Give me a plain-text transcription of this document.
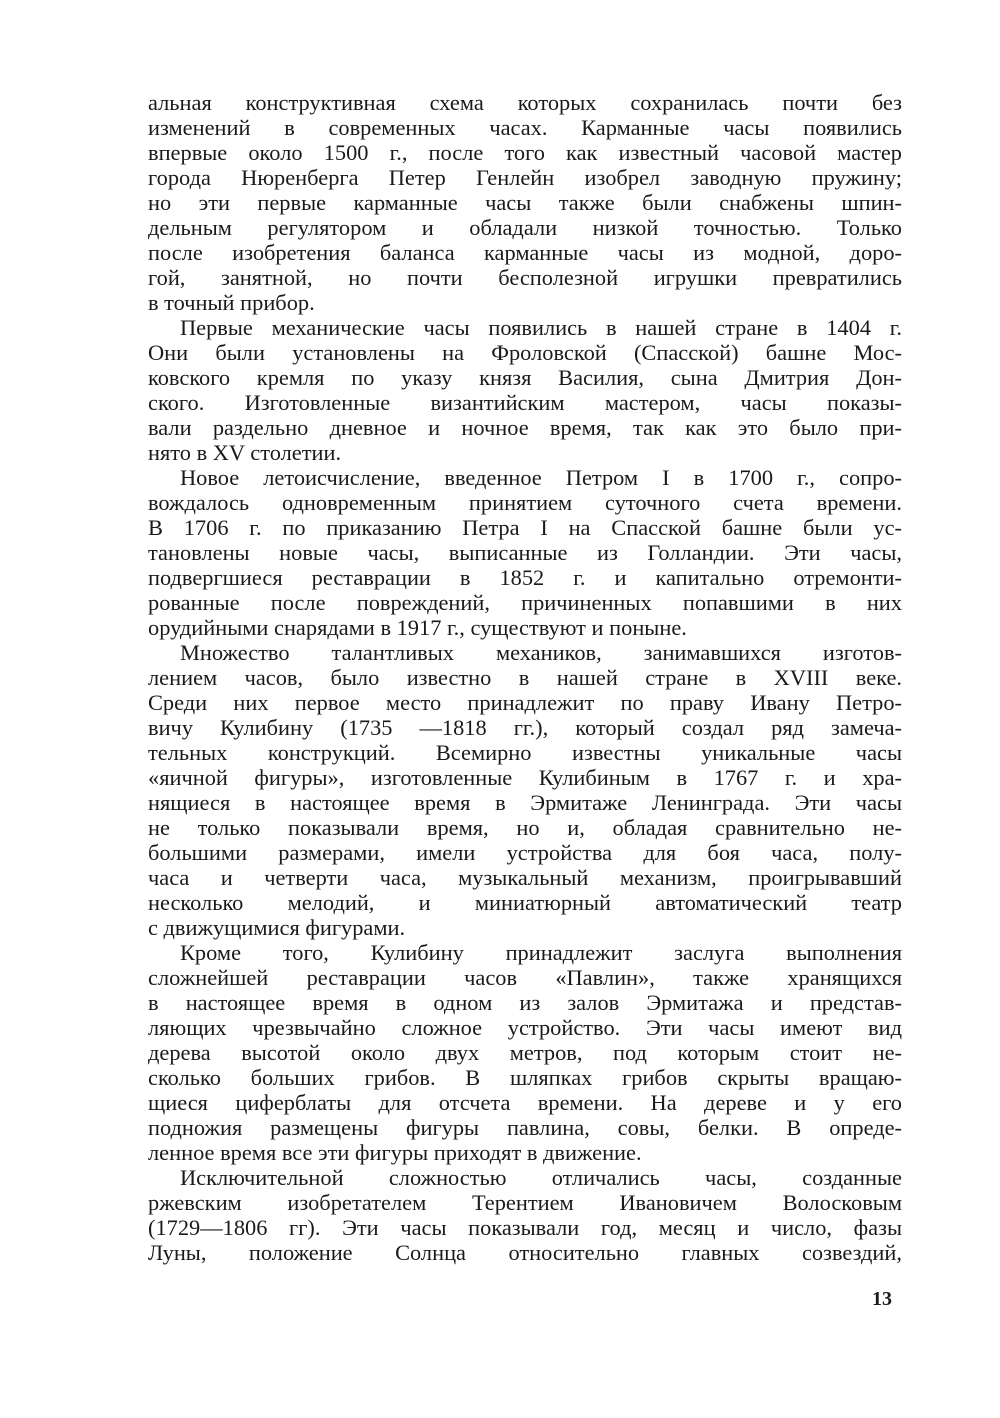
альная конструктивная схема которых сохранилась почти без
изменений в современных часах. Карманные часы появились
впервые около 1500 г., после того как известный часовой мастер
города Нюренберга Петер Генлейн изобрел заводную пружину;
но эти первые карманные часы также были снабжены шпин-
дельным регулятором и обладали низкой точностью. Только
после изобретения баланса карманные часы из модной, доро-
гой, занятной, но почти бесполезной игрушки превратились
в точный прибор.
Первые механические часы появились в нашей стране в 1404 г.
Они были установлены на Фроловской (Спасской) башне Мос-
ковского кремля по указу князя Василия, сына Дмитрия Дон-
ского. Изготовленные византийским мастером, часы показы-
вали раздельно дневное и ночное время, так как это было при-
нято в XV столетии.
Новое летоисчисление, введенное Петром I в 1700 г., сопро-
вождалось одновременным принятием суточного счета времени.
В 1706 г. по приказанию Петра I на Спасской башне были ус-
тановлены новые часы, выписанные из Голландии. Эти часы,
подвергшиеся реставрации в 1852 г. и капитально отремонти-
рованные после повреждений, причиненных попавшими в них
орудийными снарядами в 1917 г., существуют и поныне.
Множество талантливых механиков, занимавшихся изготов-
лением часов, было известно в нашей стране в XVIII веке.
Среди них первое место принадлежит по праву Ивану Петро-
вичу Кулибину (1735 —1818 гг.), который создал ряд замеча-
тельных конструкций. Всемирно известны уникальные часы
«яичной фигуры», изготовленные Кулибиным в 1767 г. и хра-
нящиеся в настоящее время в Эрмитаже Ленинграда. Эти часы
не только показывали время, но и, обладая сравнительно не-
большими размерами, имели устройства для боя часа, полу-
часа и четверти часа, музыкальный механизм, проигрывавший
несколько мелодий, и миниатюрный автоматический театр
с движущимися фигурами.
Кроме того, Кулибину принадлежит заслуга выполнения
сложнейшей реставрации часов «Павлин», также хранящихся
в настоящее время в одном из залов Эрмитажа и представ-
ляющих чрезвычайно сложное устройство. Эти часы имеют вид
дерева высотой около двух метров, под которым стоит не-
сколько больших грибов. В шляпках грибов скрыты вращаю-
щиеся циферблаты для отсчета времени. На дереве и у его
подножия размещены фигуры павлина, совы, белки. В опреде-
ленное время все эти фигуры приходят в движение.
Исключительной сложностью отличались часы, созданные
ржевским изобретателем Терентием Ивановичем Волосковым
(1729—1806 гг). Эти часы показывали год, месяц и число, фазы
Луны, положение Солнца относительно главных созвездий,
13
